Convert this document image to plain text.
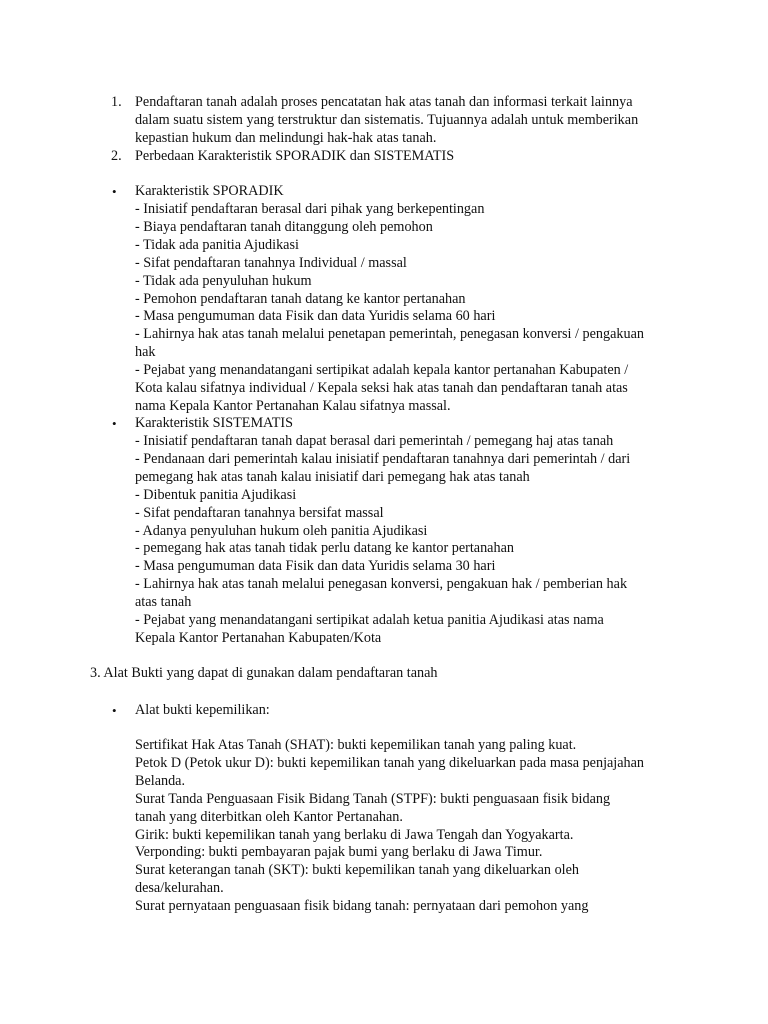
1. Pendaftaran tanah adalah proses pencatatan hak atas tanah dan informasi terkait lainnya
dalam suatu sistem yang terstruktur dan sistematis. Tujuannya adalah untuk memberikan
kepastian hukum dan melindungi hak-hak atas tanah.
2. Perbedaan Karakteristik SPORADIK dan SISTEMATIS
• Karakteristik SPORADIK
- Inisiatif pendaftaran berasal dari pihak yang berkepentingan
- Biaya pendaftaran tanah ditanggung oleh pemohon
- Tidak ada panitia Ajudikasi
- Sifat pendaftaran tanahnya Individual / massal
- Tidak ada penyuluhan hukum
- Pemohon pendaftaran tanah datang ke kantor pertanahan
- Masa pengumuman data Fisik dan data Yuridis selama 60 hari
- Lahirnya hak atas tanah melalui penetapan pemerintah, penegasan konversi / pengakuan
hak
- Pejabat yang menandatangani sertipikat adalah kepala kantor pertanahan Kabupaten /
Kota kalau sifatnya individual / Kepala seksi hak atas tanah dan pendaftaran tanah atas
nama Kepala Kantor Pertanahan Kalau sifatnya massal.
• Karakteristik SISTEMATIS
- Inisiatif pendaftaran tanah dapat berasal dari pemerintah / pemegang haj atas tanah
- Pendanaan dari pemerintah kalau inisiatif pendaftaran tanahnya dari pemerintah / dari
pemegang hak atas tanah kalau inisiatif dari pemegang hak atas tanah
- Dibentuk panitia Ajudikasi
- Sifat pendaftaran tanahnya bersifat massal
- Adanya penyuluhan hukum oleh panitia Ajudikasi
- pemegang hak atas tanah tidak perlu datang ke kantor pertanahan
- Masa pengumuman data Fisik dan data Yuridis selama 30 hari
- Lahirnya hak atas tanah melalui penegasan konversi, pengakuan hak / pemberian hak
atas tanah
- Pejabat yang menandatangani sertipikat adalah ketua panitia Ajudikasi atas nama
Kepala Kantor Pertanahan Kabupaten/Kota
3. Alat Bukti yang dapat di gunakan dalam pendaftaran tanah
• Alat bukti kepemilikan:
Sertifikat Hak Atas Tanah (SHAT): bukti kepemilikan tanah yang paling kuat.
Petok D (Petok ukur D): bukti kepemilikan tanah yang dikeluarkan pada masa penjajahan
Belanda.
Surat Tanda Penguasaan Fisik Bidang Tanah (STPF): bukti penguasaan fisik bidang
tanah yang diterbitkan oleh Kantor Pertanahan.
Girik: bukti kepemilikan tanah yang berlaku di Jawa Tengah dan Yogyakarta.
Verponding: bukti pembayaran pajak bumi yang berlaku di Jawa Timur.
Surat keterangan tanah (SKT): bukti kepemilikan tanah yang dikeluarkan oleh
desa/kelurahan.
Surat pernyataan penguasaan fisik bidang tanah: pernyataan dari pemohon yang
